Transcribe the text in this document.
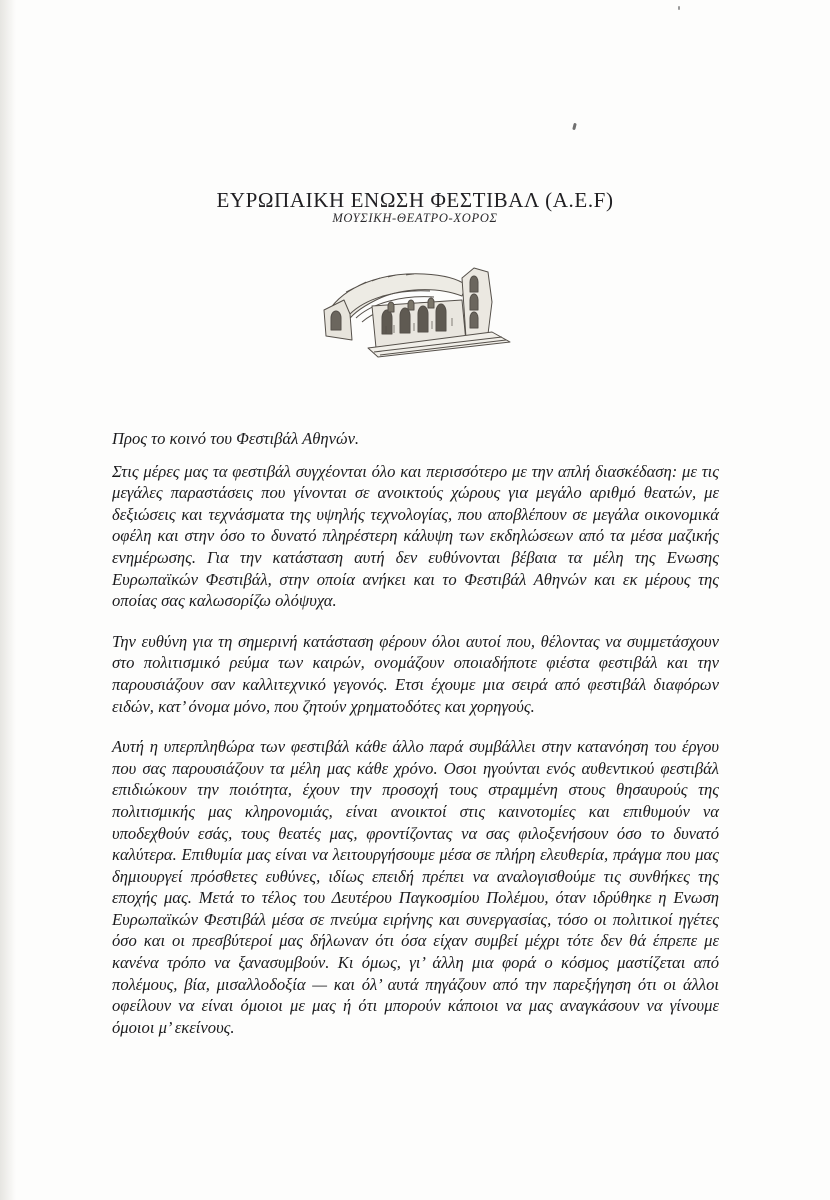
ΕΥΡΩΠΑΙΚΗ ΕΝΩΣΗ ΦΕΣΤΙΒΑΛ (A.E.F)
ΜΟΥΣΙΚΗ-ΘΕΑΤΡΟ-ΧΟΡΟΣ

Προς το κοινό του Φεστιβάλ Αθηνών.

Στις μέρες μας τα φεστιβάλ συγχέονται όλο και περισσότερο με την απλή διασκέδαση: με τις μεγάλες παραστάσεις που γίνονται σε ανοικτούς χώρους για μεγάλο αριθμό θεατών, με δεξιώσεις και τεχνάσματα της υψηλής τεχνολογίας, που αποβλέπουν σε μεγάλα οικονομικά οφέλη και στην όσο το δυνατό πληρέστερη κάλυψη των εκδηλώσεων από τα μέσα μαζικής ενημέρωσης. Για την κατάσταση αυτή δεν ευθύνονται βέβαια τα μέλη της Ενωσης Ευρωπαϊκών Φεστιβάλ, στην οποία ανήκει και το Φεστιβάλ Αθηνών και εκ μέρους της οποίας σας καλωσορίζω ολόψυχα.

Την ευθύνη για τη σημερινή κατάσταση φέρουν όλοι αυτοί που, θέλοντας να συμμετάσχουν στο πολιτισμικό ρεύμα των καιρών, ονομάζουν οποιαδήποτε φιέστα φεστιβάλ και την παρουσιάζουν σαν καλλιτεχνικό γεγονός. Ετσι έχουμε μια σειρά από φεστιβάλ διαφόρων ειδών, κατ’ όνομα μόνο, που ζητούν χρηματοδότες και χορηγούς.

Αυτή η υπερπληθώρα των φεστιβάλ κάθε άλλο παρά συμβάλλει στην κατανόηση του έργου που σας παρουσιάζουν τα μέλη μας κάθε χρόνο. Οσοι ηγούνται ενός αυθεντικού φεστιβάλ επιδιώκουν την ποιότητα, έχουν την προσοχή τους στραμμένη στους θησαυρούς της πολιτισμικής μας κληρονομιάς, είναι ανοικτοί στις καινοτομίες και επιθυμούν να υποδεχθούν εσάς, τους θεατές μας, φροντίζοντας να σας φιλοξενήσουν όσο το δυνατό καλύτερα. Επιθυμία μας είναι να λειτουργήσουμε μέσα σε πλήρη ελευθερία, πράγμα που μας δημιουργεί πρόσθετες ευθύνες, ιδίως επειδή πρέπει να αναλογισθούμε τις συνθήκες της εποχής μας. Μετά το τέλος του Δευτέρου Παγκοσμίου Πολέμου, όταν ιδρύθηκε η Ενωση Ευρωπαϊκών Φεστιβάλ μέσα σε πνεύμα ειρήνης και συνεργασίας, τόσο οι πολιτικοί ηγέτες όσο και οι πρεσβύτεροί μας δήλωναν ότι όσα είχαν συμβεί μέχρι τότε δεν θά έπρεπε με κανένα τρόπο να ξανασυμβούν. Κι όμως, γι’ άλλη μια φορά ο κόσμος μαστίζεται από πολέμους, βία, μισαλλοδοξία — και όλ’ αυτά πηγάζουν από την παρεξήγηση ότι οι άλλοι οφείλουν να είναι όμοιοι με μας ή ότι μπορούν κάποιοι να μας αναγκάσουν να γίνουμε όμοιοι μ’ εκείνους.
